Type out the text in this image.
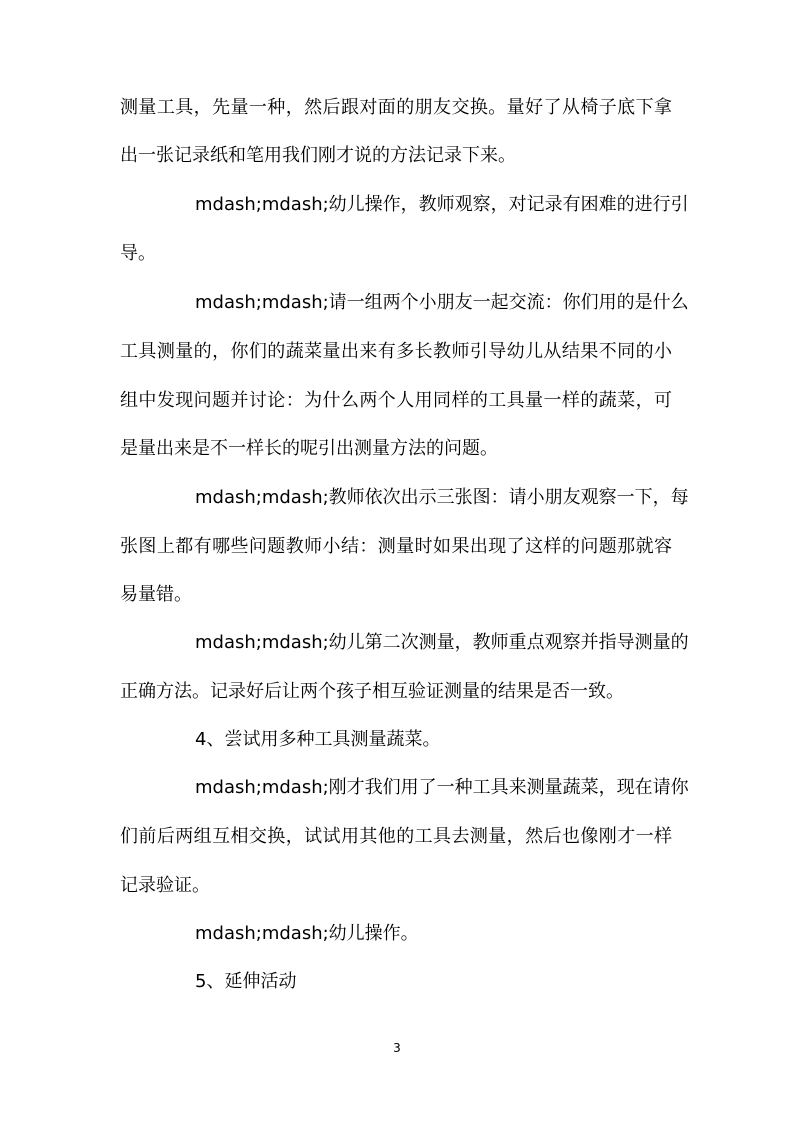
测量工具，先量一种，然后跟对面的朋友交换。量好了从椅子底下拿
出一张记录纸和笔用我们刚才说的方法记录下来。
mdash;mdash;幼儿操作，教师观察，对记录有困难的进行引
导。
mdash;mdash;请一组两个小朋友一起交流：你们用的是什么
工具测量的，你们的蔬菜量出来有多长教师引导幼儿从结果不同的小
组中发现问题并讨论：为什么两个人用同样的工具量一样的蔬菜，可
是量出来是不一样长的呢引出测量方法的问题。
mdash;mdash;教师依次出示三张图：请小朋友观察一下，每
张图上都有哪些问题教师小结：测量时如果出现了这样的问题那就容
易量错。
mdash;mdash;幼儿第二次测量，教师重点观察并指导测量的
正确方法。记录好后让两个孩子相互验证测量的结果是否一致。
4、尝试用多种工具测量蔬菜。
mdash;mdash;刚才我们用了一种工具来测量蔬菜，现在请你
们前后两组互相交换，试试用其他的工具去测量，然后也像刚才一样
记录验证。
mdash;mdash;幼儿操作。
5、延伸活动
3
